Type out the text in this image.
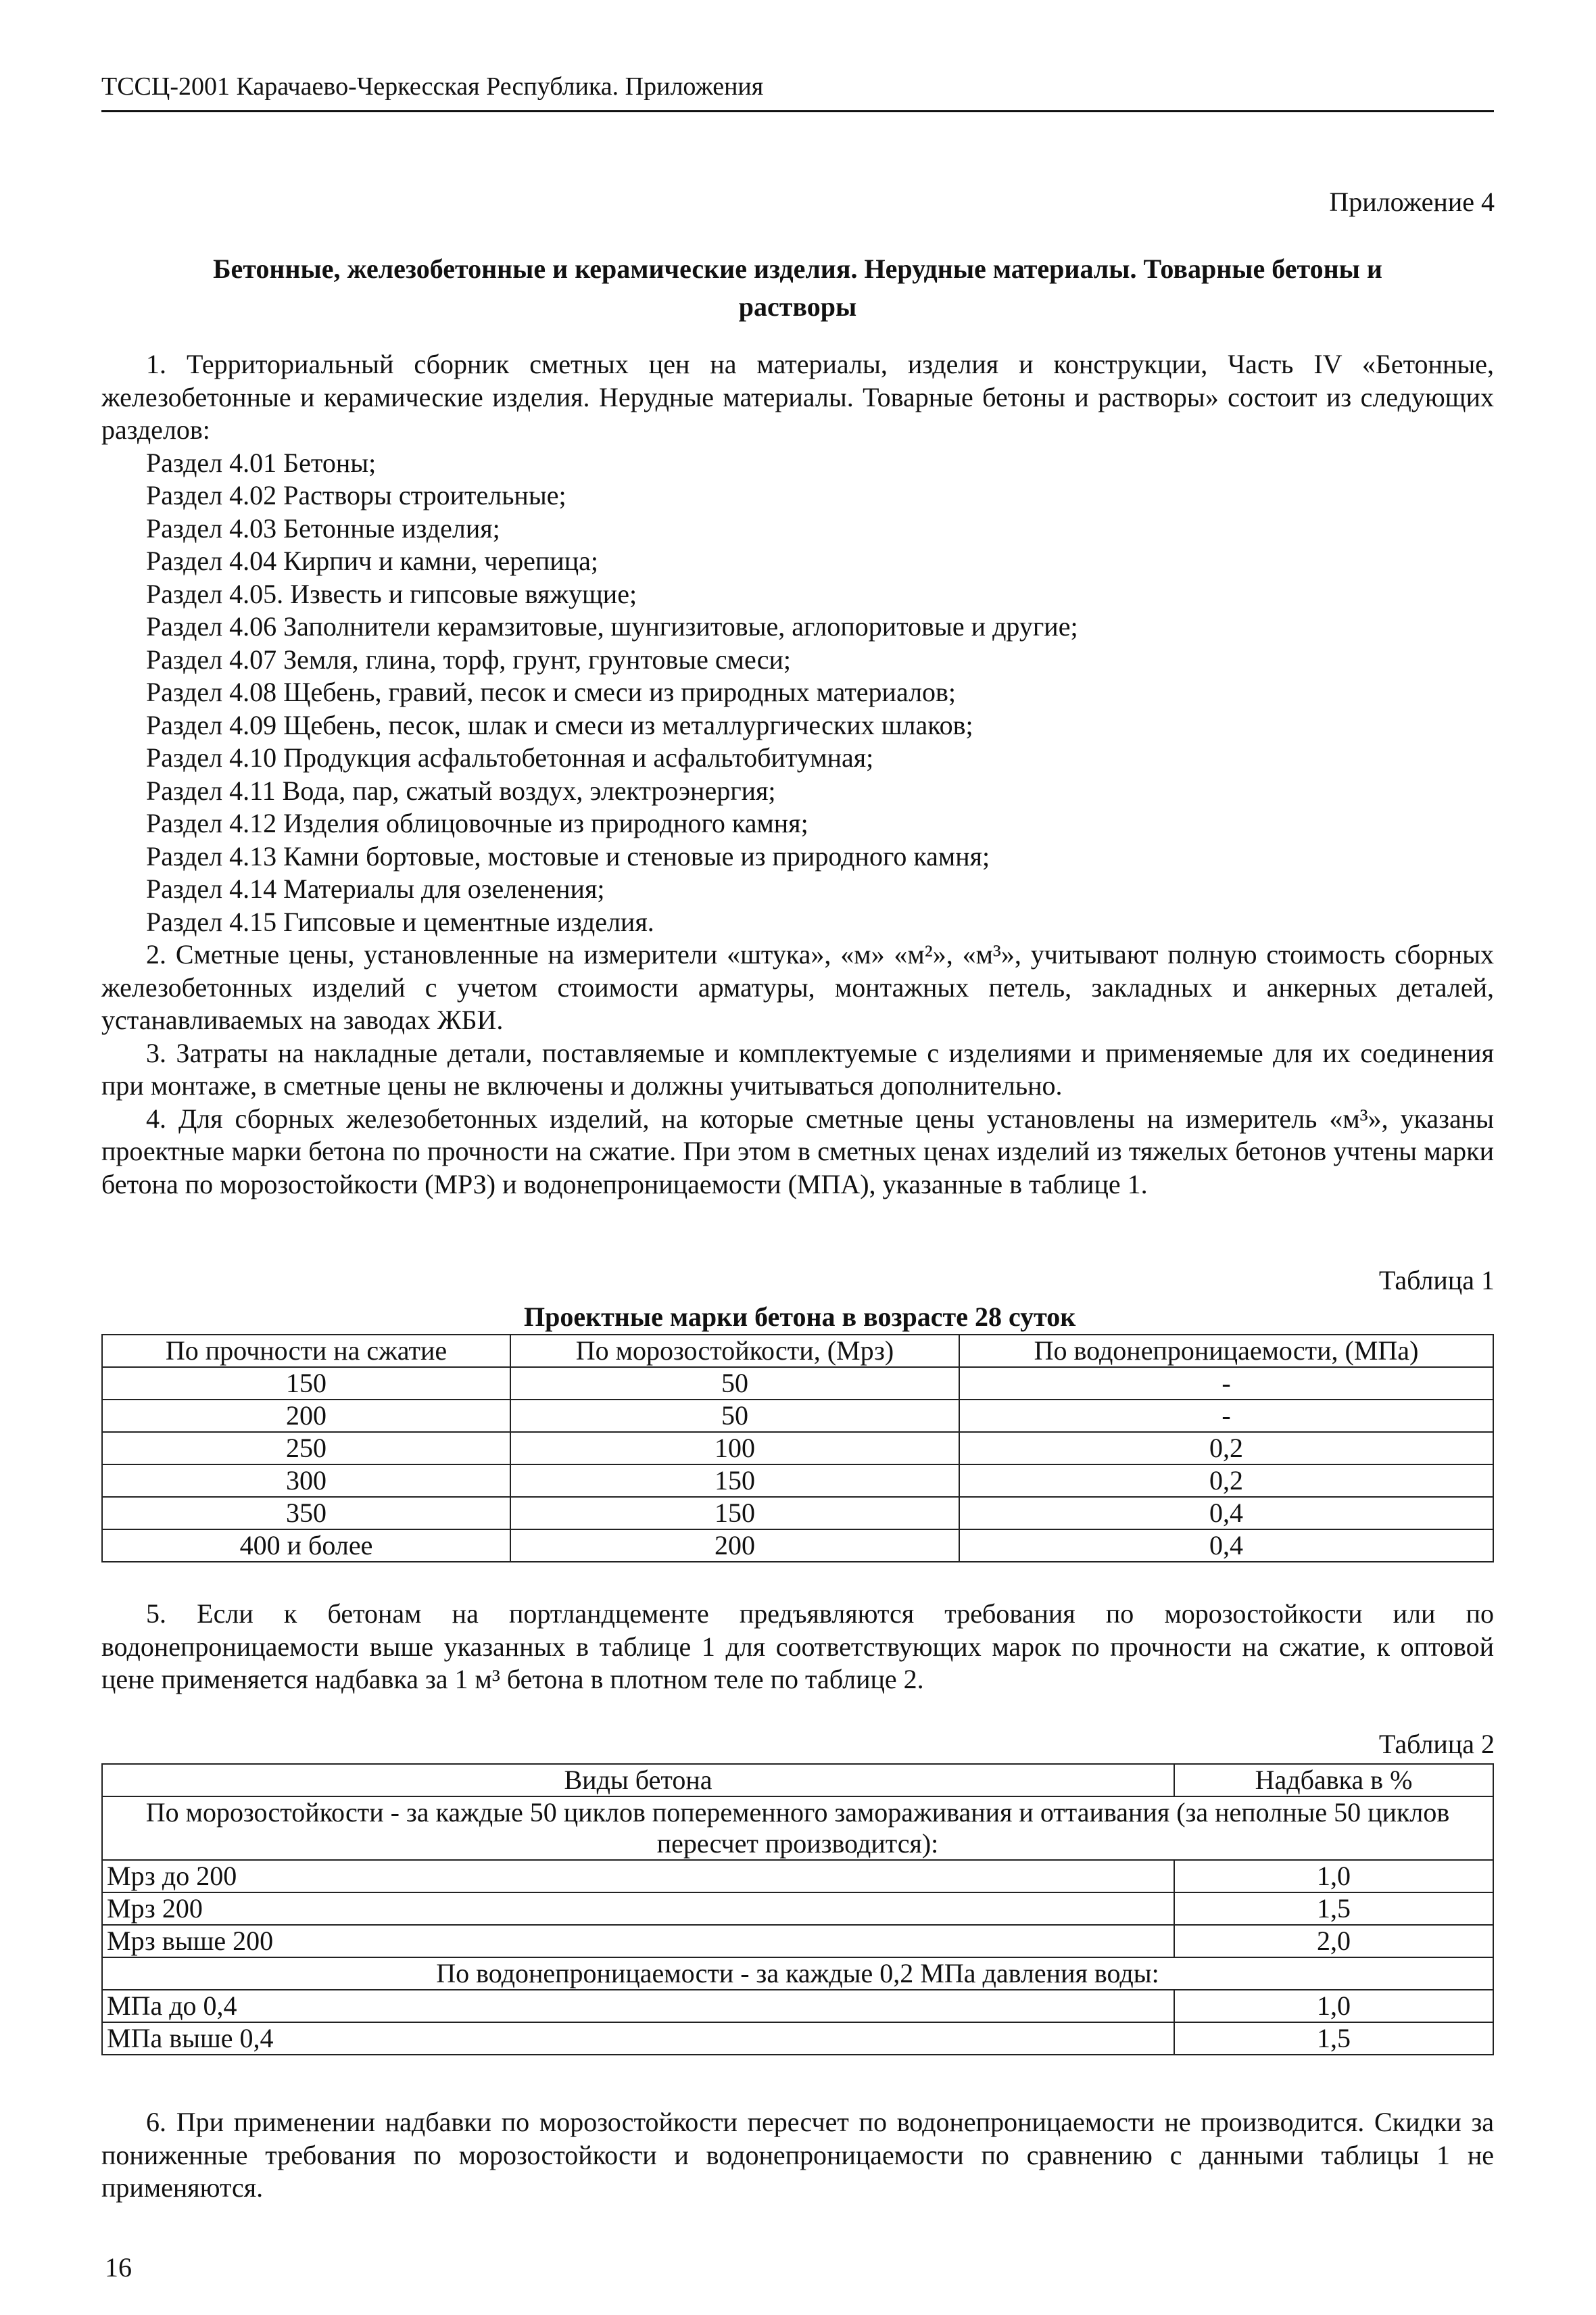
ТССЦ-2001 Карачаево-Черкесская Республика. Приложения
Приложение 4
Бетонные, железобетонные и керамические изделия. Нерудные материалы. Товарные бетоны и растворы

1. Территориальный сборник сметных цен на материалы, изделия и конструкции, Часть IV «Бетонные, железобетонные и керамические изделия. Нерудные материалы. Товарные бетоны и растворы» состоит из следующих разделов:

Раздел 4.01 Бетоны;

Раздел 4.02 Растворы строительные;

Раздел 4.03 Бетонные изделия;

Раздел 4.04 Кирпич и камни, черепица;

Раздел 4.05. Известь и гипсовые вяжущие;

Раздел 4.06 Заполнители керамзитовые, шунгизитовые, аглопоритовые и другие;

Раздел 4.07 Земля, глина, торф, грунт, грунтовые смеси;

Раздел 4.08 Щебень, гравий, песок и смеси из природных материалов;

Раздел 4.09 Щебень, песок, шлак и смеси из металлургических шлаков;

Раздел 4.10 Продукция асфальтобетонная и асфальтобитумная;

Раздел 4.11 Вода, пар, сжатый воздух, электроэнергия;

Раздел 4.12 Изделия облицовочные из природного камня;

Раздел 4.13 Камни бортовые, мостовые и стеновые из природного камня;

Раздел 4.14 Материалы для озеленения;

Раздел 4.15 Гипсовые и цементные изделия.

2. Сметные цены, установленные на измерители «штука», «м» «м²», «м³», учитывают полную стоимость сборных железобетонных изделий с учетом стоимости арматуры, монтажных петель, закладных и анкерных деталей, устанавливаемых на заводах ЖБИ.

3. Затраты на накладные детали, поставляемые и комплектуемые с изделиями и применяемые для их соединения при монтаже, в сметные цены не включены и должны учитываться дополнительно.

4. Для сборных железобетонных изделий, на которые сметные цены установлены на измеритель «м³», указаны проектные марки бетона по прочности на сжатие. При этом в сметных ценах изделий из тяжелых бетонов учтены марки бетона по морозостойкости (МРЗ) и водонепроницаемости (МПА), указанные в таблице 1.

Таблица 1
Проектные марки бетона в возрасте 28 суток
По прочности на сжатие	По морозостойкости, (Мрз)	По водонепроницаемости, (МПа)
150	50	-
200	50	-
250	100	0,2
300	150	0,2
350	150	0,4
400 и более	200	0,4

5. Если к бетонам на портландцементе предъявляются требования по морозостойкости или по водонепроницаемости выше указанных в таблице 1 для соответствующих марок по прочности на сжатие, к оптовой цене применяется надбавка за 1 м³ бетона в плотном теле по таблице 2.

Таблица 2
Виды бетона	Надбавка в %
По морозостойкости - за каждые 50 циклов попеременного замораживания и оттаивания (за неполные 50 циклов пересчет производится):	
Мрз до 200	1,0
Мрз 200	1,5
Мрз выше 200	2,0
По водонепроницаемости - за каждые 0,2 МПа давления воды:	
МПа до 0,4	1,0
МПа выше 0,4	1,5

6. При применении надбавки по морозостойкости пересчет по водонепроницаемости не производится. Скидки за пониженные требования по морозостойкости и водонепроницаемости по сравнению с данными таблицы 1 не применяются.

16
